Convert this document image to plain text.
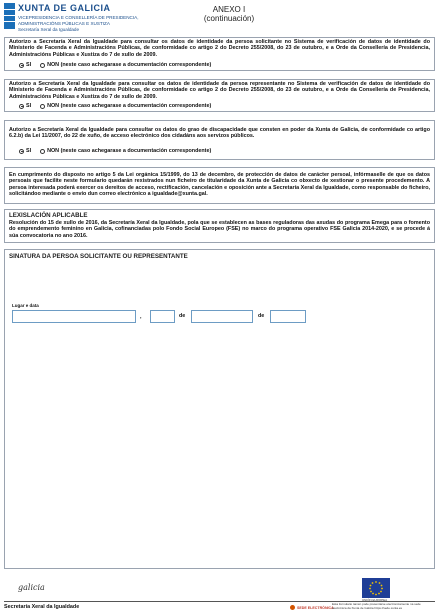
XUNTA DE GALICIA
VICEPRESIDENCIA E CONSELLERÍA DE PRESIDENCIA,
ADMINISTRACIÓNS PÚBLICAS E XUSTIZA
Secretaría Xeral da Igualdade
ANEXO I
(continuación)
Autorizo a Secretaría Xeral da Igualdade para consultar os datos de identidade da persoa solicitante no Sistema de verificación de datos de identidade do Ministerio de Facenda e Administracións Públicas, de conformidade co artigo 2 do Decreto 255/2008, do 23 de outubro, e a Orde da Consellería de Presidencia, Administracións Públicas e Xustiza do 7 de xullo de 2009.
SI	NON (neste caso achegarase a documentación correspondente)
Autorizo a Secretaría Xeral da Igualdade para consultar os datos de identidade da persoa representante no Sistema de verificación de datos de identidade do Ministerio de Facenda e Administracións Públicas, de conformidade co artigo 2 do Decreto 255/2008, do 23 de outubro, e a Orde da Consellería de Presidencia, Administracións Públicas e Xustiza do 7 de xullo de 2009.
SI	NON (neste caso achegarase a documentación correspondente)
Autorizo a Secretaría Xeral da Igualdade para consultar os datos do grao de discapacidade que consten en poder da Xunta de Galicia, de conformidade co artigo 6.2.b) da Lei 11/2007, do 22 de xuño, de acceso electrónico dos cidadáns aos servizos públicos.
SI	NON (neste caso achegarase a documentación correspondente)
En cumprimento do disposto no artigo 5 da Lei orgánica 15/1999, do 13 de decembro, de protección de datos de carácter persoal, infórmaselle de que os datos persoais que facilite neste formulario quedarán rexistrados nun ficheiro de titularidade da Xunta de Galicia co obxecto de xestionar o presente procedemento. A persoa interesada poderá exercer os dereitos de acceso, rectificación, cancelación e oposición ante a Secretaría Xeral da Igualdade, como responsable do ficheiro, solicitándoo mediante o envío dun correo electrónico a igualdade@xunta.gal.
LEXISLACIÓN APLICABLE
Resolución do 15 de xullo de 2016, da Secretaría Xeral da Igualdade, pola que se establecen as bases reguladoras das axudas do programa Emega para o fomento do emprendemento feminino en Galicia, cofinanciadas polo Fondo Social Europeo (FSE) no marco do programa operativo FSE Galicia 2014-2020, e se procede á súa convocatoria no ano 2016.
SINATURA DA PERSOA SOLICITANTE OU REPRESENTANTE
Lugar e data
,	de	de
galicia
UNIÓN EUROPEA
Secretaría Xeral da Igualdade	SEDE ELECTRÓNICA
Esta formulario tamén pode presentarse electronicamente na sede electrónica da Xunta de Galicia https://sede.xunta.es
